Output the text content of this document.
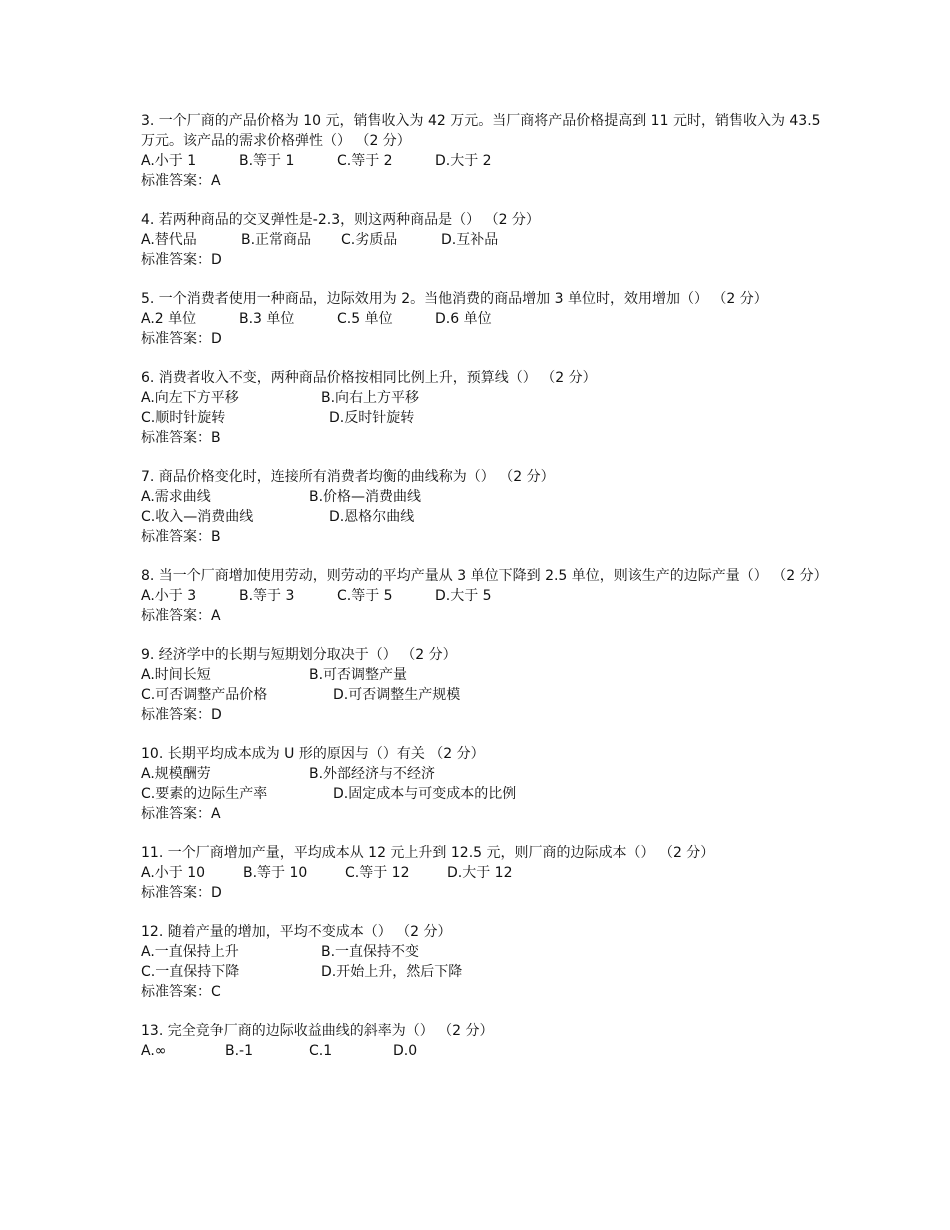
3. 一个厂商的产品价格为 10 元，销售收入为 42 万元。当厂商将产品价格提高到 11 元时，销售收入为 43.5 万元。该产品的需求价格弹性（） （2 分）
A.小于 1	B.等于 1	C.等于 2	D.大于 2
标准答案：A
4. 若两种商品的交叉弹性是-2.3，则这两种商品是（） （2 分）
A.替代品	B.正常商品	C.劣质品	D.互补品
标准答案：D
5. 一个消费者使用一种商品，边际效用为 2。当他消费的商品增加 3 单位时，效用增加（） （2 分）
A.2 单位	B.3 单位	C.5 单位	D.6 单位
标准答案：D
6. 消费者收入不变，两种商品价格按相同比例上升，预算线（） （2 分）
A.向左下方平移	B.向右上方平移
C.顺时针旋转	D.反时针旋转
标准答案：B
7. 商品价格变化时，连接所有消费者均衡的曲线称为（） （2 分）
A.需求曲线	B.价格—消费曲线
C.收入—消费曲线	D.恩格尔曲线
标准答案：B
8. 当一个厂商增加使用劳动，则劳动的平均产量从 3 单位下降到 2.5 单位，则该生产的边际产量（） （2 分）
A.小于 3	B.等于 3	C.等于 5	D.大于 5
标准答案：A
9. 经济学中的长期与短期划分取决于（） （2 分）
A.时间长短	B.可否调整产量
C.可否调整产品价格	D.可否调整生产规模
标准答案：D
10. 长期平均成本成为 U 形的原因与（）有关 （2 分）
A.规模酬劳	B.外部经济与不经济
C.要素的边际生产率	D.固定成本与可变成本的比例
标准答案：A
11. 一个厂商增加产量，平均成本从 12 元上升到 12.5 元，则厂商的边际成本（） （2 分）
A.小于 10	B.等于 10	C.等于 12	D.大于 12
标准答案：D
12. 随着产量的增加，平均不变成本（） （2 分）
A.一直保持上升	B.一直保持不变
C.一直保持下降	D.开始上升，然后下降
标准答案：C
13. 完全竞争厂商的边际收益曲线的斜率为（） （2 分）
A.∞	B.-1	C.1	D.0
